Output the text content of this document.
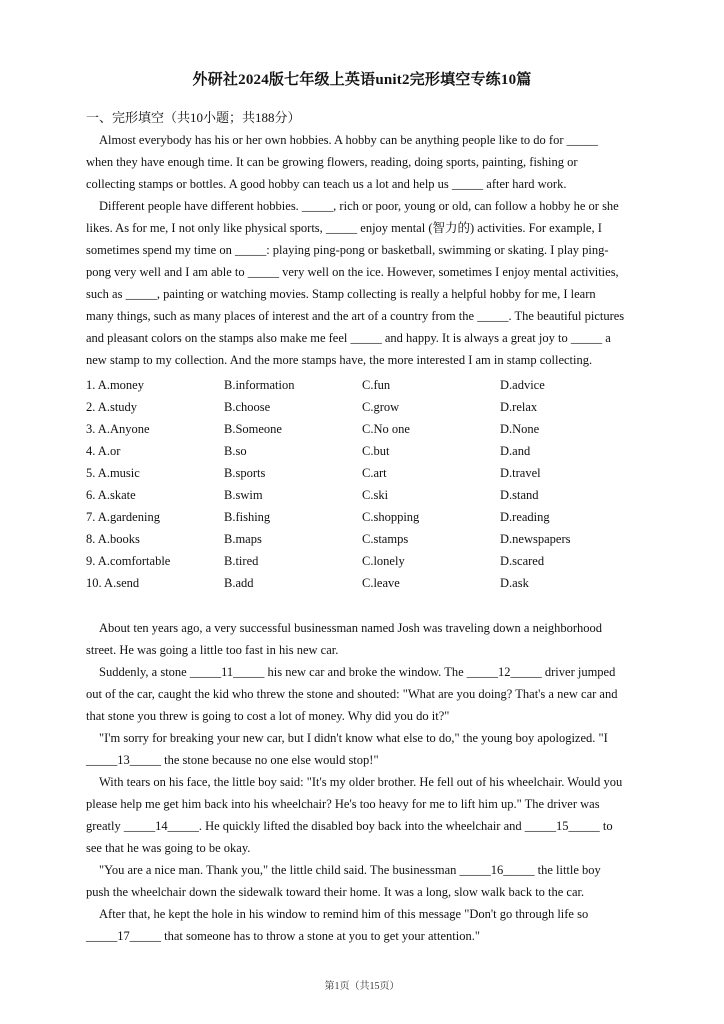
外研社2024版七年级上英语unit2完形填空专练10篇
一、完形填空（共10小题；共188分）
Almost everybody has his or her own hobbies. A hobby can be anything people like to do for _____
when they have enough time. It can be growing flowers, reading, doing sports, painting, fishing or
collecting stamps or bottles. A good hobby can teach us a lot and help us _____ after hard work.
Different people have different hobbies. _____, rich or poor, young or old, can follow a hobby he or she
likes. As for me, I not only like physical sports, _____ enjoy mental (智力的) activities. For example, I
sometimes spend my time on _____: playing ping-pong or basketball, swimming or skating. I play ping-
pong very well and I am able to _____ very well on the ice. However, sometimes I enjoy mental activities,
such as _____, painting or watching movies. Stamp collecting is really a helpful hobby for me, I learn
many things, such as many places of interest and the art of a country from the _____. The beautiful pictures
and pleasant colors on the stamps also make me feel _____ and happy. It is always a great joy to _____ a
new stamp to my collection. And the more stamps have, the more interested I am in stamp collecting.
1. A.money	B.information	C.fun	D.advice
2. A.study	B.choose	C.grow	D.relax
3. A.Anyone	B.Someone	C.No one	D.None
4. A.or	B.so	C.but	D.and
5. A.music	B.sports	C.art	D.travel
6. A.skate	B.swim	C.ski	D.stand
7. A.gardening	B.fishing	C.shopping	D.reading
8. A.books	B.maps	C.stamps	D.newspapers
9. A.comfortable	B.tired	C.lonely	D.scared
10. A.send	B.add	C.leave	D.ask
About ten years ago, a very successful businessman named Josh was traveling down a neighborhood
street. He was going a little too fast in his new car.
Suddenly, a stone _____11_____ his new car and broke the window. The _____12_____ driver jumped
out of the car, caught the kid who threw the stone and shouted: "What are you doing? That's a new car and
that stone you threw is going to cost a lot of money. Why did you do it?"
"I'm sorry for breaking your new car, but I didn't know what else to do," the young boy apologized. "I
_____13_____ the stone because no one else would stop!"
With tears on his face, the little boy said: "It's my older brother. He fell out of his wheelchair. Would you
please help me get him back into his wheelchair? He's too heavy for me to lift him up." The driver was
greatly _____14_____. He quickly lifted the disabled boy back into the wheelchair and _____15_____ to
see that he was going to be okay.
"You are a nice man. Thank you," the little child said. The businessman _____16_____ the little boy
push the wheelchair down the sidewalk toward their home. It was a long, slow walk back to the car.
After that, he kept the hole in his window to remind him of this message "Don't go through life so
_____17_____ that someone has to throw a stone at you to get your attention."
第1页（共15页）
